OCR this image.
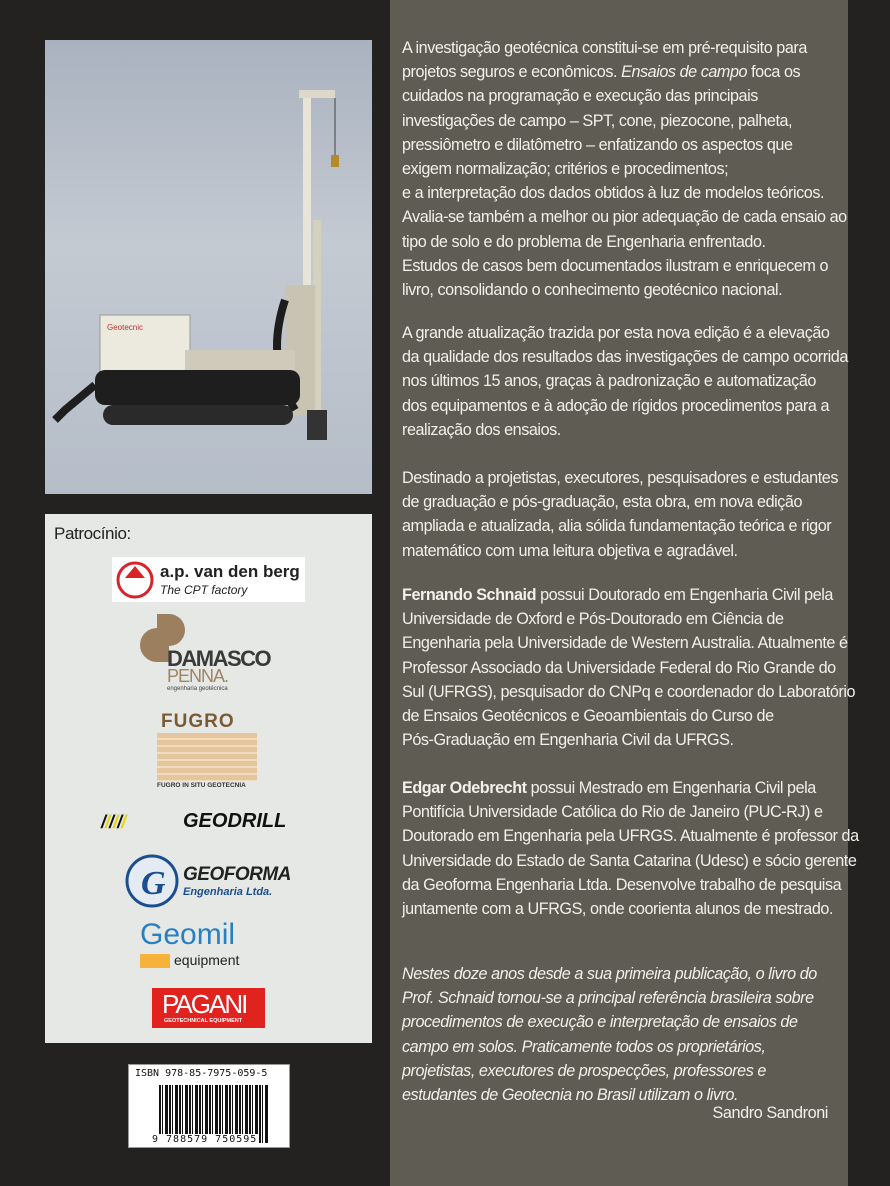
Geotecnic
Patrocínio:
a.p. van den berg
The CPT factory
DAMASCO
PENNA.
engenharia geotécnica
FUGRO
FUGRO IN SITU GEOTECNIA
//////	GEODRILL
G GEOFORMA
Engenharia Ltda.
Geomil
equipment
PAGANI
GEOTECHNICAL EQUIPMENT
ISBN 978-85-7975-059-5
9 788579 750595
A investigação geotécnica constitui-se em pré-requisito para
projetos seguros e econômicos. Ensaios de campo foca os
cuidados na programação e execução das principais
investigações de campo – SPT, cone, piezocone, palheta,
pressiômetro e dilatômetro – enfatizando os aspectos que
exigem normalização; critérios e procedimentos;
e a interpretação dos dados obtidos à luz de modelos teóricos.
Avalia-se também a melhor ou pior adequação de cada ensaio ao
tipo de solo e do problema de Engenharia enfrentado.
Estudos de casos bem documentados ilustram e enriquecem o
livro, consolidando o conhecimento geotécnico nacional.
A grande atualização trazida por esta nova edição é a elevação
da qualidade dos resultados das investigações de campo ocorrida
nos últimos 15 anos, graças à padronização e automatização
dos equipamentos e à adoção de rígidos procedimentos para a
realização dos ensaios.
Destinado a projetistas, executores, pesquisadores e estudantes
de graduação e pós-graduação, esta obra, em nova edição
ampliada e atualizada, alia sólida fundamentação teórica e rigor
matemático com uma leitura objetiva e agradável.
Fernando Schnaid possui Doutorado em Engenharia Civil pela
Universidade de Oxford e Pós-Doutorado em Ciência de
Engenharia pela Universidade de Western Australia. Atualmente é
Professor Associado da Universidade Federal do Rio Grande do
Sul (UFRGS), pesquisador do CNPq e coordenador do Laboratório
de Ensaios Geotécnicos e Geoambientais do Curso de
Pós-Graduação em Engenharia Civil da UFRGS.
Edgar Odebrecht possui Mestrado em Engenharia Civil pela
Pontifícia Universidade Católica do Rio de Janeiro (PUC-RJ) e
Doutorado em Engenharia pela UFRGS. Atualmente é professor da
Universidade do Estado de Santa Catarina (Udesc) e sócio gerente
da Geoforma Engenharia Ltda. Desenvolve trabalho de pesquisa
juntamente com a UFRGS, onde coorienta alunos de mestrado.
Nestes doze anos desde a sua primeira publicação, o livro do
Prof. Schnaid tornou-se a principal referência brasileira sobre
procedimentos de execução e interpretação de ensaios de
campo em solos. Praticamente todos os proprietários,
projetistas, executores de prospecções, professores e
estudantes de Geotecnia no Brasil utilizam o livro.
Sandro Sandroni
